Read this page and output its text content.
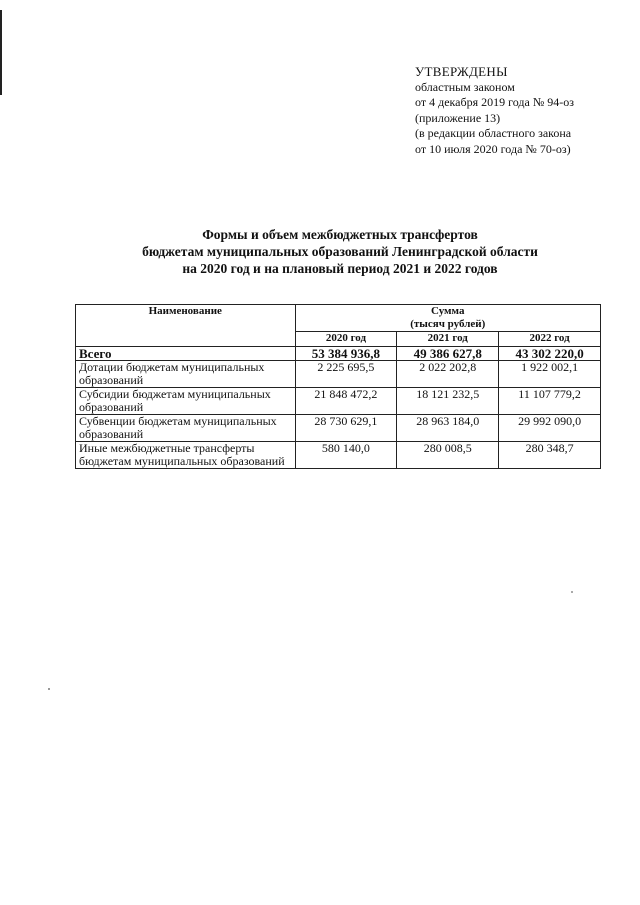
УТВЕРЖДЕНЫ
областным законом
от 4 декабря 2019 года № 94-оз
(приложение 13)
(в редакции областного закона
от 10 июля 2020 года № 70-оз)
Формы и объем межбюджетных трансфертов
бюджетам муниципальных образований Ленинградской области
на 2020 год и на плановый период 2021 и 2022 годов
Наименование	Сумма
(тысяч рублей)		

	2020 год	2021 год	2022 год
Всего	53 384 936,8	49 386 627,8	43 302 220,0
Дотации бюджетам муниципальных образований	2 225 695,5	2 022 202,8	1 922 002,1
Субсидии бюджетам муниципальных образований	21 848 472,2	18 121 232,5	11 107 779,2
Субвенции бюджетам муниципальных образований	28 730 629,1	28 963 184,0	29 992 090,0
Иные межбюджетные трансферты бюджетам муниципальных образований	580 140,0	280 008,5	280 348,7
